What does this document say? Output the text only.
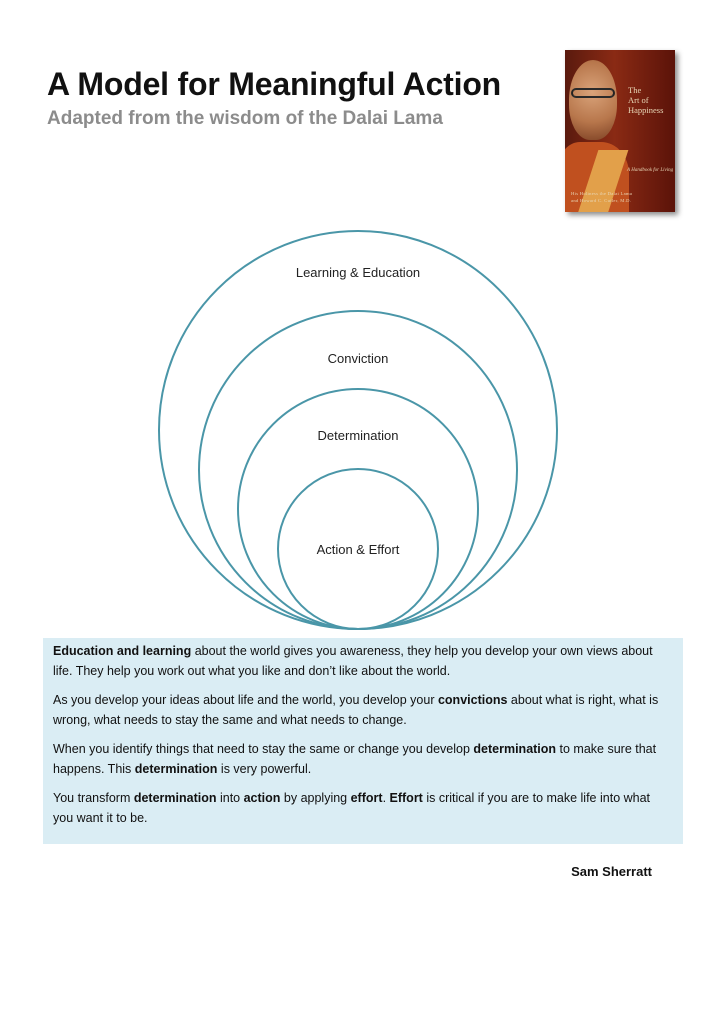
A Model for Meaningful Action
Adapted from the wisdom of the Dalai Lama
The
Art of
Happiness
A Handbook for Living
His Holiness the Dalai Lama
and Howard C. Cutler, M.D.
Learning & Education
Conviction
Determination
Action & Effort

Education and learning about the world gives you awareness, they help you develop your own views about life. They help you work out what you like and don’t like about the world.

As you develop your ideas about life and the world, you develop your convictions about what is right, what is wrong, what needs to stay the same and what needs to change.

When you identify things that need to stay the same or change you develop determination to make sure that happens. This determination is very powerful.

You transform determination into action by applying effort. Effort is critical if you are to make life into what you want it to be.

Sam Sherratt
